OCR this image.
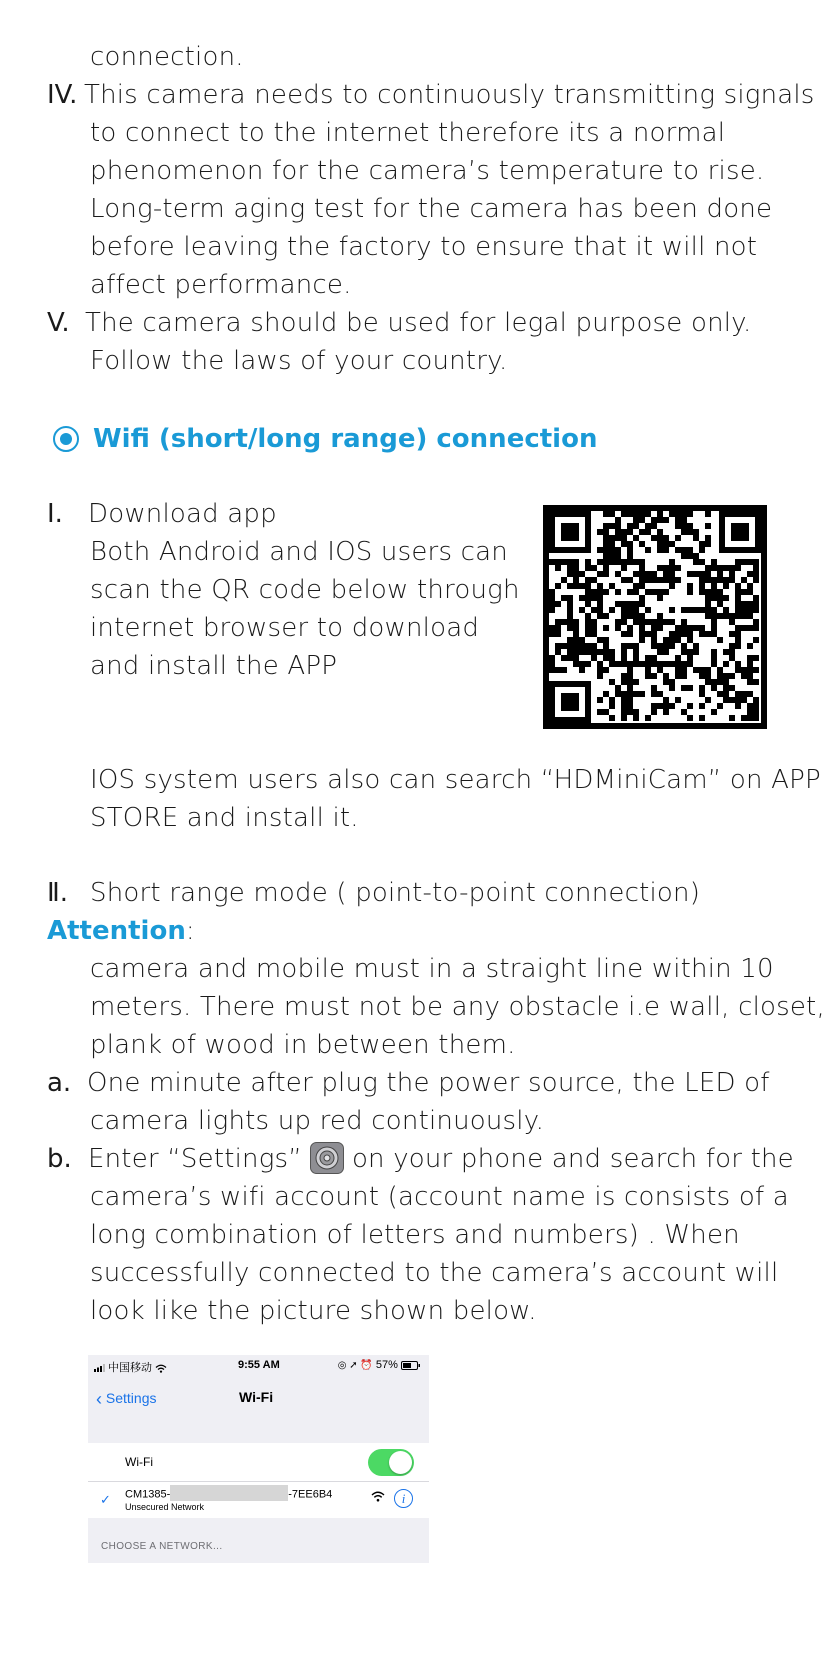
connection.
IV. This camera needs to continuously transmitting signals
to connect to the internet therefore its a normal
phenomenon for the camera’s temperature to rise.
Long-term aging test for the camera has been done
before leaving the factory to ensure that it will not
affect performance.
V. The camera should be used for legal purpose only.
Follow the laws of your country.
Wifi (short/long range) connection
I. Download app
Both Android and IOS users can
scan the QR code below through
internet browser to download
and install the APP
IOS system users also can search “HDMiniCam” on APP
STORE and install it.
Ⅱ. Short range mode ( point-to-point connection)
Attention:
camera and mobile must in a straight line within 10
meters. There must not be any obstacle i.e wall, closet,
plank of wood in between them.
a. One minute after plug the power source, the LED of
camera lights up red continuously.
b. Enter “Settings” on your phone and search for the
camera’s wifi account (account name is consists of a
long combination of letters and numbers) . When
successfully connected to the camera’s account will
look like the picture shown below.
中国移动	9:55 AM	◎ ➚ ⏰ 57%
‹ Settings	Wi-Fi
Wi-Fi
✓ CM1385-	-7EE6B4
Unsecured Network
i
CHOOSE A NETWORK...
